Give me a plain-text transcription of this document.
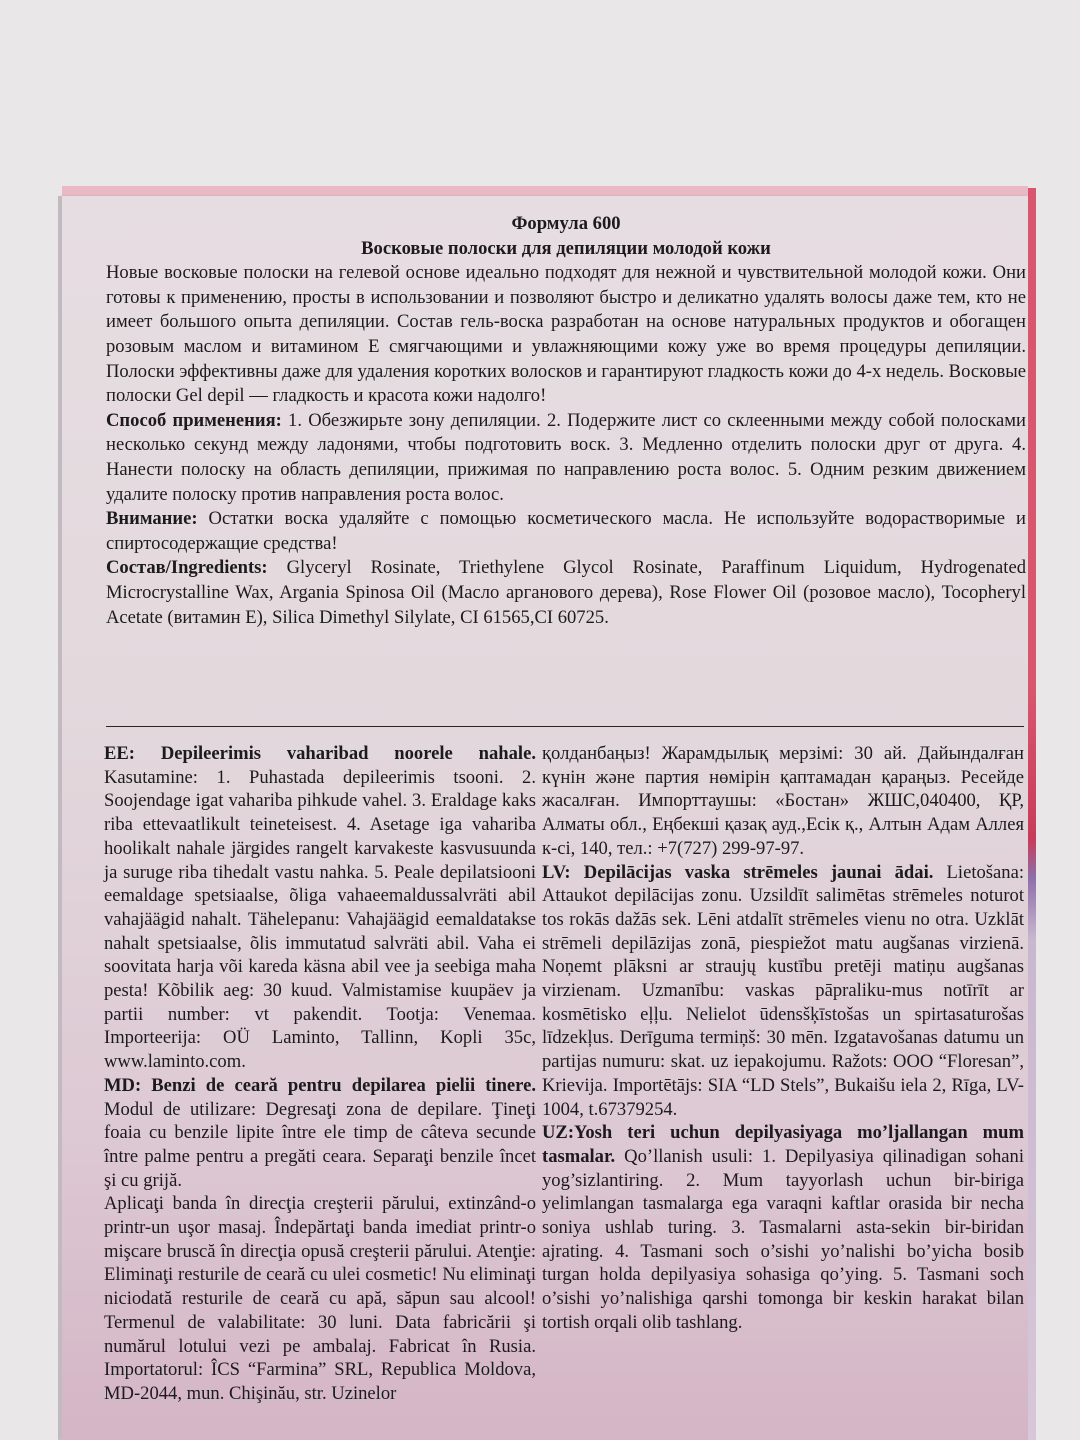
Формула 600

Восковые полоски для депиляции молодой кожи

Новые восковые полоски на гелевой основе идеально подходят для нежной и чувствительной молодой кожи. Они готовы к применению, просты в использовании и позволяют быстро и деликатно удалять волосы даже тем, кто не имеет большого опыта депиляции. Состав гель-воска разработан на основе натуральных продуктов и обогащен розовым маслом и витамином Е смягчающими и увлажняющими кожу уже во время процедуры депиляции. Полоски эффективны даже для удаления коротких волосков и гарантируют гладкость кожи до 4-х недель. Восковые полоски Gel depil — гладкость и красота кожи надолго!

Способ применения: 1. Обезжирьте зону депиляции. 2. Подержите лист со склеенными между собой полосками несколько секунд между ладонями, чтобы подготовить воск. 3. Медленно отделить полоски друг от друга. 4. Нанести полоску на область депиляции, прижимая по направлению роста волос. 5. Одним резким движением удалите полоску против направления роста волос.

Внимание: Остатки воска удаляйте с помощью косметического масла. Не используйте водорастворимые и спиртосодержащие средства!

Состав/Ingredients: Glyceryl Rosinate, Triethylene Glycol Rosinate, Paraffinum Liquidum, Hydrogenated Microcrystalline Wax, Argania Spinosa Oil (Масло арганового дерева), Rose Flower Oil (розовое масло), Tocopheryl Acetate (витамин Е), Silica Dimethyl Silylate, CI 61565,CI 60725.

EE: Depileerimis vaharibad noorele nahale. Kasutamine: 1. Puhastada depileerimis tsooni. 2. Soojendage igat vahariba pihkude vahel. 3. Eraldage kaks riba ettevaatlikult teineteisest. 4. Asetage iga vahariba hoolikalt nahale järgides rangelt karvakeste kasvusuunda ja suruge riba tihedalt vastu nahka. 5. Peale depilatsiooni eemaldage spetsiaalse, õliga vahaeemaldussalvräti abil vahajäägid nahalt. Tähelepanu: Vahajäägid eemaldatakse nahalt spetsiaalse, õlis immutatud salvräti abil. Vaha ei soovitata harja või kareda käsna abil vee ja seebiga maha pesta! Kõbilik aeg: 30 kuud. Valmistamise kuupäev ja partii number: vt pakendit. Tootja: Venemaa. Importeerija: OÜ Laminto, Tallinn, Kopli 35c, www.laminto.com.

MD: Benzi de ceară pentru depilarea pielii tinere. Modul de utilizare: Degresaţi zona de depilare. Ţineţi foaia cu benzile lipite între ele timp de câteva secunde între palme pentru a pregăti ceara. Separaţi benzile încet şi cu grijă.

Aplicaţi banda în direcţia creşterii părului, extinzând-o printr-un uşor masaj. Îndepărtaţi banda imediat printr-o mişcare bruscă în direcţia opusă creşterii părului. Atenţie: Eliminaţi resturile de ceară cu ulei cosmetic! Nu eliminaţi niciodată resturile de ceară cu apă, săpun sau alcool! Termenul de valabilitate: 30 luni. Data fabricării şi numărul lotului vezi pe ambalaj. Fabricat în Rusia. Importatorul: ÎCS “Farmina” SRL, Republica Moldova, MD-2044, mun. Chişinău, str. Uzinelor

қолданбаңыз! Жарамдылық мерзімі: 30 ай. Дайындалған күнін және партия нөмірін қаптамадан қараңыз. Ресейде жасалған. Импорттаушы: «Бостан» ЖШС,040400, ҚР, Алматы обл., Еңбекші қазақ ауд.,Есік қ., Алтын Адам Аллея к-сі, 140, тел.: +7(727) 299-97-97.

LV: Depilācijas vaska strēmeles jaunai ādai. Lietošana: Attaukot depilācijas zonu. Uzsildīt salimētas strēmeles noturot tos rokās dažās sek. Lēni atdalīt strēmeles vienu no otra. Uzklāt strēmeli depilāzijas zonā, piespiežot matu augšanas virzienā. Noņemt plāksni ar straujų kustību pretēji matiņu augšanas virzienam. Uzmanību: vaskas pāpraliku-mus notīrīt ar kosmētisko eļļu. Nelielot ūdensšķīstošas un spirtasaturošas līdzekļus. Derīguma termiņš: 30 mēn. Izgatavošanas datumu un partijas numuru: skat. uz iepakojumu. Ražots: OOO “Floresan”, Krievija. Importētājs: SIA “LD Stels”, Bukaišu iela 2, Rīga, LV-1004, t.67379254.

UZ:Yosh teri uchun depilyasiyaga mo’ljallangan mum tasmalar. Qo’llanish usuli: 1. Depilyasiya qilinadigan sohani yog’sizlantiring. 2. Mum tayyorlash uchun bir-biriga yelimlangan tasmalarga ega varaqni kaftlar orasida bir necha soniya ushlab turing. 3. Tasmalarni asta-sekin bir-biridan ajrating. 4. Tasmani soch o’sishi yo’nalishi bo’yicha bosib turgan holda depilyasiya sohasiga qo’ying. 5. Tasmani soch o’sishi yo’nalishiga qarshi tomonga bir keskin harakat bilan tortish orqali olib tashlang.
